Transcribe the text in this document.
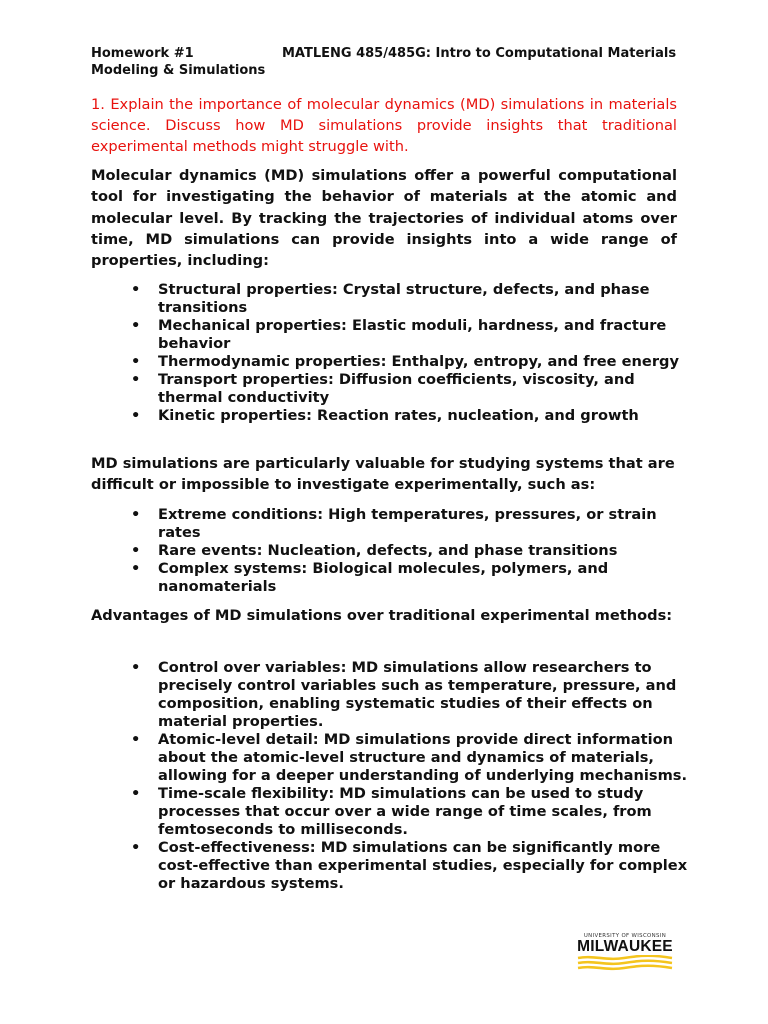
Homework #1	MATLENG 485/485G: Intro to Computational Materials
Modeling & Simulations
1. Explain the importance of molecular dynamics (MD) simulations in materials science. Discuss how MD simulations provide insights that traditional experimental methods might struggle with.
Molecular dynamics (MD) simulations offer a powerful computational tool for investigating the behavior of materials at the atomic and molecular level. By tracking the trajectories of individual atoms over time, MD simulations can provide insights into a wide range of properties, including:
• Structural properties: Crystal structure, defects, and phase transitions
• Mechanical properties: Elastic moduli, hardness, and fracture behavior
• Thermodynamic properties: Enthalpy, entropy, and free energy
• Transport properties: Diffusion coefficients, viscosity, and thermal conductivity
• Kinetic properties: Reaction rates, nucleation, and growth
MD simulations are particularly valuable for studying systems that are difficult or impossible to investigate experimentally, such as:
• Extreme conditions: High temperatures, pressures, or strain rates
• Rare events: Nucleation, defects, and phase transitions
• Complex systems: Biological molecules, polymers, and nanomaterials
Advantages of MD simulations over traditional experimental methods:
• Control over variables: MD simulations allow researchers to precisely control variables such as temperature, pressure, and composition, enabling systematic studies of their effects on material properties.
• Atomic-level detail: MD simulations provide direct information about the atomic-level structure and dynamics of materials, allowing for a deeper understanding of underlying mechanisms.
• Time-scale flexibility: MD simulations can be used to study processes that occur over a wide range of time scales, from femtoseconds to milliseconds.
• Cost-effectiveness: MD simulations can be significantly more cost-effective than experimental studies, especially for complex or hazardous systems.
UNIVERSITY OF WISCONSIN
MILWAUKEE
